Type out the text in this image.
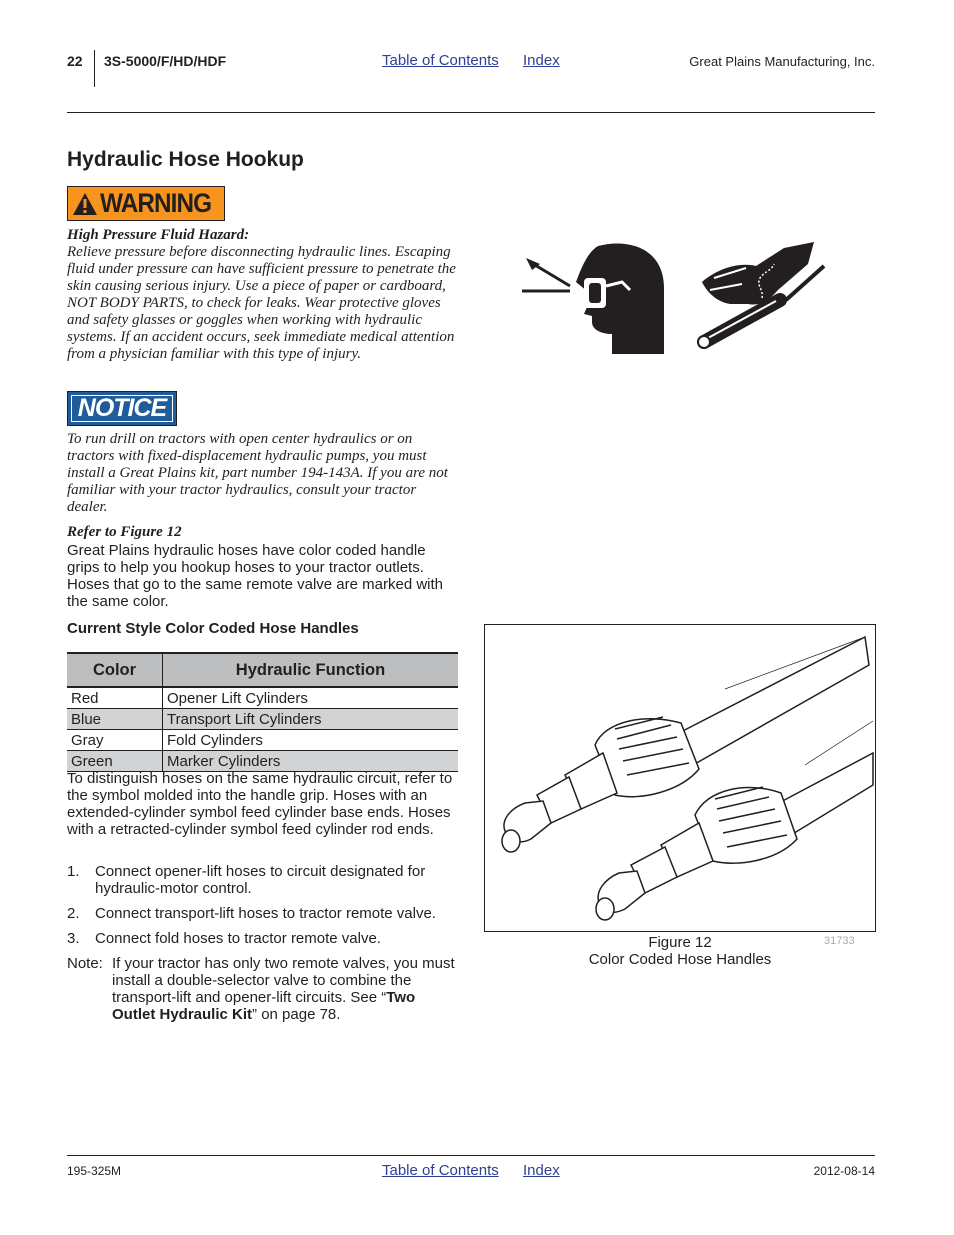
22 3S-5000/F/HD/HDF	Table of Contents Index	Great Plains Manufacturing, Inc.
Hydraulic Hose Hookup
WARNING
High Pressure Fluid Hazard:
Relieve pressure before disconnecting hydraulic lines. Escaping fluid under pressure can have sufficient pressure to penetrate the skin causing serious injury. Use a piece of paper or cardboard, NOT BODY PARTS, to check for leaks. Wear protective gloves and safety glasses or goggles when working with hydraulic systems. If an accident occurs, seek immediate medical attention from a physician familiar with this type of injury.
NOTICE
To run drill on tractors with open center hydraulics or on tractors with fixed-displacement hydraulic pumps, you must install a Great Plains kit, part number 194-143A. If you are not familiar with your tractor hydraulics, consult your tractor dealer.
Refer to Figure 12
Great Plains hydraulic hoses have color coded handle grips to help you hookup hoses to your tractor outlets. Hoses that go to the same remote valve are marked with the same color.
Current Style Color Coded Hose Handles
Color	Hydraulic Function
Red	Opener Lift Cylinders
Blue	Transport Lift Cylinders
Gray	Fold Cylinders
Green	Marker Cylinders
To distinguish hoses on the same hydraulic circuit, refer to the symbol molded into the handle grip. Hoses with an extended-cylinder symbol feed cylinder base ends. Hoses with a retracted-cylinder symbol feed cylinder rod ends.
1. Connect opener-lift hoses to circuit designated for hydraulic-motor control.
2. Connect transport-lift hoses to tractor remote valve.
3. Connect fold hoses to tractor remote valve.
Note: If your tractor has only two remote valves, you must install a double-selector valve to combine the transport-lift and opener-lift circuits. See “Two Outlet Hydraulic Kit” on page 78.
Figure 12
Color Coded Hose Handles
31733
195-325M	Table of Contents Index	2012-08-14
